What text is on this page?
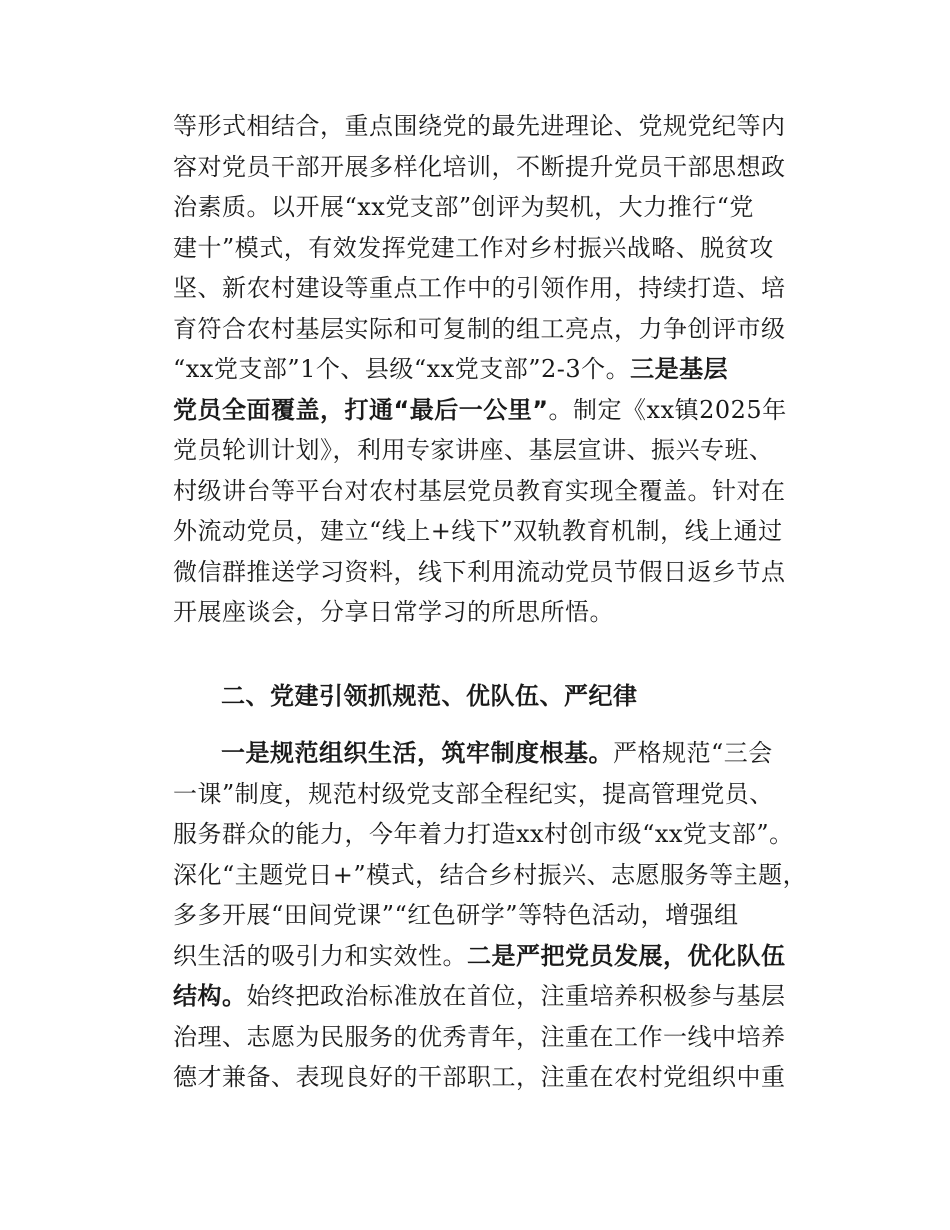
等形式相结合，重点围绕党的最先进理论、党规党纪等内
容对党员干部开展多样化培训，不断提升党员干部思想政
治素质。以开展“xx党支部”创评为契机，大力推行“党
建十”模式，有效发挥党建工作对乡村振兴战略、脱贫攻
坚、新农村建设等重点工作中的引领作用，持续打造、培
育符合农村基层实际和可复制的组工亮点，力争创评市级
“xx党支部”1个、县级“xx党支部”2-3个。三是基层
党员全面覆盖，打通“最后一公里”。制定《xx镇2025年
党员轮训计划》，利用专家讲座、基层宣讲、振兴专班、
村级讲台等平台对农村基层党员教育实现全覆盖。针对在
外流动党员，建立“线上+线下”双轨教育机制，线上通过
微信群推送学习资料，线下利用流动党员节假日返乡节点
开展座谈会，分享日常学习的所思所悟。
二、党建引领抓规范、优队伍、严纪律
一是规范组织生活，筑牢制度根基。严格规范“三会
一课”制度，规范村级党支部全程纪实，提高管理党员、
服务群众的能力，今年着力打造xx村创市级“xx党支部”。
深化“主题党日+”模式，结合乡村振兴、志愿服务等主题，
多多开展“田间党课”“红色研学”等特色活动，增强组
织生活的吸引力和实效性。二是严把党员发展，优化队伍
结构。始终把政治标准放在首位，注重培养积极参与基层
治理、志愿为民服务的优秀青年，注重在工作一线中培养
德才兼备、表现良好的干部职工，注重在农村党组织中重
